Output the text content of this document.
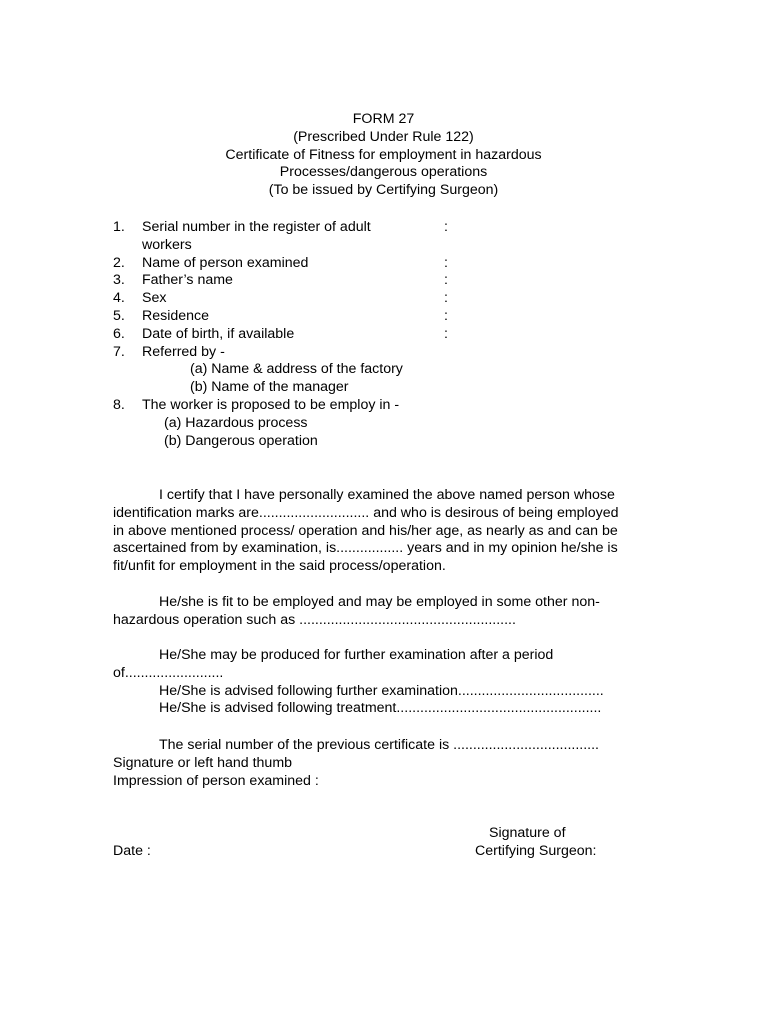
FORM 27
(Prescribed Under Rule 122)
Certificate of Fitness for employment in hazardous
Processes/dangerous operations
(To be issued by Certifying Surgeon)
1. Serial number in the register of adult	:
workers
2. Name of person examined	:
3. Father’s name	:
4. Sex	:
5. Residence	:
6. Date of birth, if available	:
7. Referred by -
(a) Name & address of the factory
(b) Name of the manager
8. The worker is proposed to be employ in -
(a) Hazardous process
(b) Dangerous operation
I certify that I have personally examined the above named person whose
identification marks are............................ and who is desirous of being employed
in above mentioned process/ operation and his/her age, as nearly as and can be
ascertained from by examination, is................. years and in my opinion he/she is
fit/unfit for employment in the said process/operation.
He/she is fit to be employed and may be employed in some other non-
hazardous operation such as .......................................................
He/She may be produced for further examination after a period
of.........................
He/She is advised following further examination.....................................
He/She is advised following treatment....................................................
The serial number of the previous certificate is .....................................
Signature or left hand thumb
Impression of person examined :
Signature of
Date :	Certifying Surgeon:
